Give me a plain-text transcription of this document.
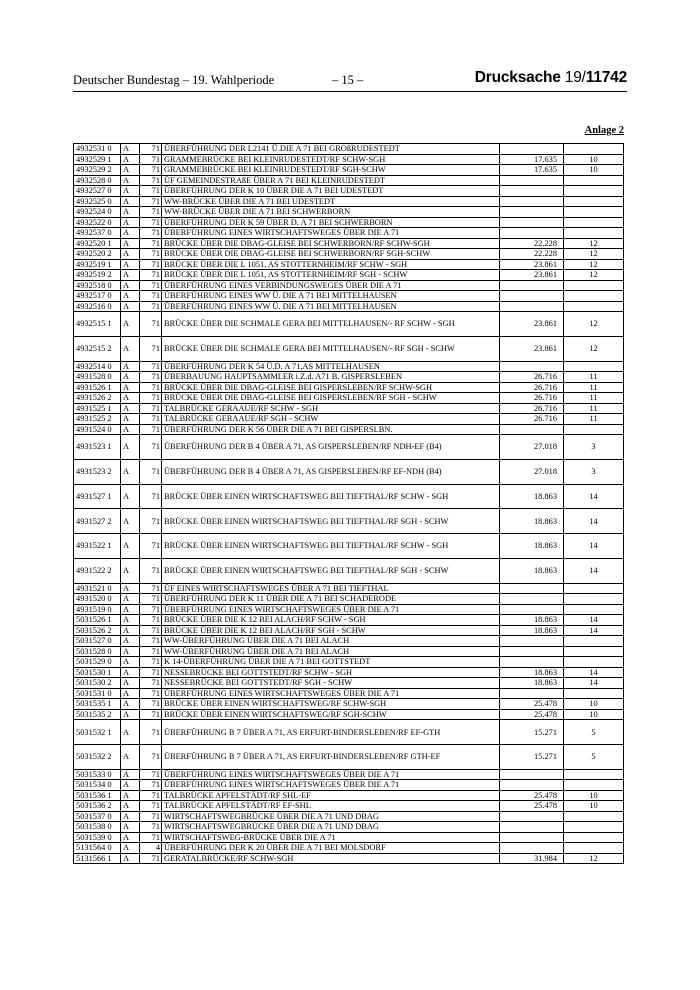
Deutscher Bundestag – 19. Wahlperiode	– 15 –	Drucksache 19/11742
Anlage 2
4932531 0	A	71	ÜBERFÜHRUNG DER L2141 Ü.DIE A 71 BEI GROßRUDESTEDT		
4932529 1	A	71	GRAMMEBRÜCKE BEI KLEINRUDESTEDT/RF SCHW-SGH	17.635	10
4932529 2	A	71	GRAMMEBRÜCKE BEI KLEINRUDESTEDT/RF SGH-SCHW	17.635	10
4932528 0	A	71	ÜF GEMEINDESTRAßE ÜBER A 71 BEI KLEINRUDESTEDT		
4932527 0	A	71	ÜBERFÜHRUNG DER K 10 ÜBER DIE A 71 BEI UDESTEDT		
4932525 0	A	71	WW-BRÜCKE ÜBER DIE A 71 BEI UDESTEDT		
4932524 0	A	71	WW-BRÜCKE ÜBER DIE A 71 BEI SCHWERBORN		
4932522 0	A	71	ÜBERFÜHRUNG DER K 59 ÜBER D. A 71 BEI SCHWERBORN		
4932537 0	A	71	ÜBERFÜHRUNG EINES WIRTSCHAFTSWEGES ÜBER DIE A 71		
4932520 1	A	71	BRÜCKE ÜBER DIE DBAG-GLEISE BEI SCHWERBORN/RF SCHW-SGH	22.228	12
4932520 2	A	71	BRÜCKE ÜBER DIE DBAG-GLEISE BEI SCHWERBORN/RF SGH-SCHW	22.228	12
4932519 1	A	71	BRÜCKE ÜBER DIE L 1051, AS STOTTERNHEIM/RF SCHW - SGH	23.861	12
4932519 2	A	71	BRÜCKE ÜBER DIE L 1051, AS STOTTERNHEIM/RF SGH - SCHW	23.861	12
4932518 0	A	71	ÜBERFÜHRUNG EINES VERBINDUNGSWEGES ÜBER DIE A 71		
4932517 0	A	71	ÜBERFÜHRUNG EINES WW Ü. DIE A 71 BEI MITTELHAUSEN		
4932516 0	A	71	ÜBERFÜHRUNG EINES WW Ü. DIE A 71 BEI MITTELHAUSEN		
4932515 1	A	71	BRÜCKE ÜBER DIE SCHMALE GERA BEI MITTELHAUSEN/- RF SCHW - SGH	23.861	12
4932515 2	A	71	BRÜCKE ÜBER DIE SCHMALE GERA BEI MITTELHAUSEN/- RF SGH - SCHW	23.861	12
4932514 0	A	71	ÜBERFÜHRUNG DER K 54 Ü.D. A 71,AS MITTELHAUSEN		
4931528 0	A	71	ÜBERBAUUNG HAUPTSAMMLER i.Z.d. A71 B. GISPERSLEBEN	26.716	11
4931526 1	A	71	BRÜCKE ÜBER DIE DBAG-GLEISE BEI GISPERSLEBEN/RF SCHW-SGH	26.716	11
4931526 2	A	71	BRÜCKE ÜBER DIE DBAG-GLEISE BEI GISPERSLEBEN/RF SGH - SCHW	26.716	11
4931525 1	A	71	TALBRÜCKE GERAAUE/RF SCHW - SGH	26.716	11
4931525 2	A	71	TALBRÜCKE GERAAUE/RF SGH - SCHW	26.716	11
4931524 0	A	71	ÜBERFÜHRUNG DER K 56 ÜBER DIE A 71 BEI GISPERSLBN.		
4931523 1	A	71	ÜBERFÜHRUNG DER B 4 ÜBER A 71, AS GISPERSLEBEN/RF NDH-EF (B4)	27.018	3
4931523 2	A	71	ÜBERFÜHRUNG DER B 4 ÜBER A 71, AS GISPERSLEBEN/RF EF-NDH (B4)	27.018	3
4931527 1	A	71	BRÜCKE ÜBER EINEN WIRTSCHAFTSWEG BEI TIEFTHAL/RF SCHW - SGH	18.863	14
4931527 2	A	71	BRÜCKE ÜBER EINEN WIRTSCHAFTSWEG BEI TIEFTHAL/RF SGH - SCHW	18.863	14
4931522 1	A	71	BRÜCKE ÜBER EINEN WIRTSCHAFTSWEG BEI TIEFTHAL/RF SCHW - SGH	18.863	14
4931522 2	A	71	BRÜCKE ÜBER EINEN WIRTSCHAFTSWEG BEI TIEFTHAL/RF SGH - SCHW	18.863	14
4931521 0	A	71	ÜF EINES WIRTSCHAFTSWEGES ÜBER A 71 BEI TIEFTHAL		
4931520 0	A	71	ÜBERFÜHRUNG DER K 11 ÜBER DIE A 71 BEI SCHADERODE		
4931519 0	A	71	ÜBERFÜHRUNG EINES WIRTSCHAFTSWEGES ÜBER DIE A 71		
5031526 1	A	71	BRÜCKE ÜBER DIE K 12 BEI ALACH/RF SCHW - SGH	18.863	14
5031526 2	A	71	BRÜCKE ÜBER DIE K 12 BEI ALACH/RF SGH - SCHW	18.863	14
5031527 0	A	71	WW-ÜBERFÜHRUNG ÜBER DIE A 71 BEI ALACH		
5031528 0	A	71	WW-ÜBERFÜHRUNG ÜBER DIE A 71 BEI ALACH		
5031529 0	A	71	K 14-ÜBERFÜHRUNG ÜBER DIE A 71 BEI GOTTSTEDT		
5031530 1	A	71	NESSEBRÜCKE BEI GOTTSTEDT/RF SCHW - SGH	18.863	14
5031530 2	A	71	NESSEBRÜCKE BEI GOTTSTEDT/RF SGH - SCHW	18.863	14
5031531 0	A	71	ÜBERFÜHRUNG EINES WIRTSCHAFTSWEGES ÜBER DIE A 71		
5031535 1	A	71	BRÜCKE ÜBER EINEN WIRTSCHAFTSWEG/RF SCHW-SGH	25.478	10
5031535 2	A	71	BRÜCKE ÜBER EINEN WIRTSCHAFTSWEG/RF SGH-SCHW	25.478	10
5031532 1	A	71	ÜBERFÜHRUNG B 7 ÜBER A 71, AS ERFURT-BINDERSLEBEN/RF EF-GTH	15.271	5
5031532 2	A	71	ÜBERFÜHRUNG B 7 ÜBER A 71, AS ERFURT-BINDERSLEBEN/RF GTH-EF	15.271	5
5031533 0	A	71	ÜBERFÜHRUNG EINES WIRTSCHAFTSWEGES ÜBER DIE A 71		
5031534 0	A	71	ÜBERFÜHRUNG EINES WIRTSCHAFTSWEGES ÜBER DIE A 71		
5031536 1	A	71	TALBRÜCKE APFELSTÄDT/RF SHL-EF	25.478	10
5031536 2	A	71	TALBRÜCKE APFELSTÄDT/RF EF-SHL	25.478	10
5031537 0	A	71	WIRTSCHAFTSWEGBRÜCKE ÜBER DIE A 71 UND DBAG		
5031538 0	A	71	WIRTSCHAFTSWEGBRÜCKE ÜBER DIE A 71 UND DBAG		
5031539 0	A	71	WIRTSCHAFTSWEG-BRÜCKE ÜBER DIE A 71		
5131564 0	A	4	ÜBERFÜHRUNG DER K 20 ÜBER DIE A 71 BEI MOLSDORF		
5131566 1	A	71	GERATALBRÜCKE/RF SCHW-SGH	31.984	12
